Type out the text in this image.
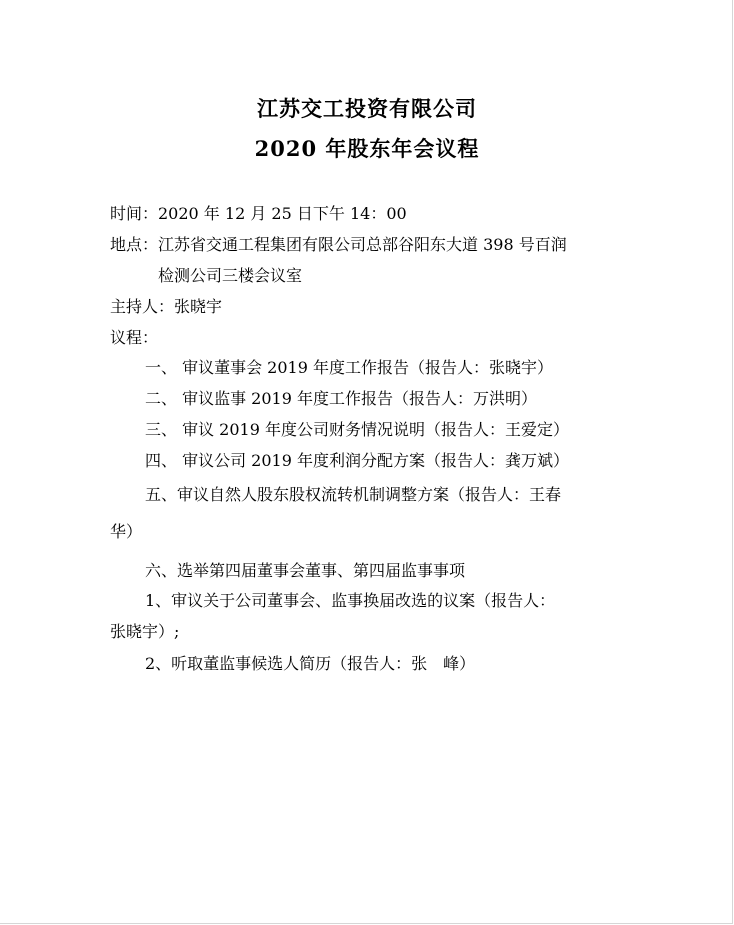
江苏交工投资有限公司
2020 年股东年会议程
时间：2020 年 12 月 25 日下午 14：00
地点：江苏省交通工程集团有限公司总部谷阳东大道 398 号百润
检测公司三楼会议室
主持人：张晓宇
议程：
一、 审议董事会 2019 年度工作报告（报告人：张晓宇）
二、 审议监事 2019 年度工作报告（报告人：万洪明）
三、 审议 2019 年度公司财务情况说明（报告人：王爱定）
四、 审议公司 2019 年度利润分配方案（报告人：龚万斌）
五、审议自然人股东股权流转机制调整方案（报告人：王春
华）
六、选举第四届董事会董事、第四届监事事项
1、审议关于公司董事会、监事换届改选的议案（报告人：
张晓宇）;
2、听取董监事候选人简历（报告人：张　峰）
